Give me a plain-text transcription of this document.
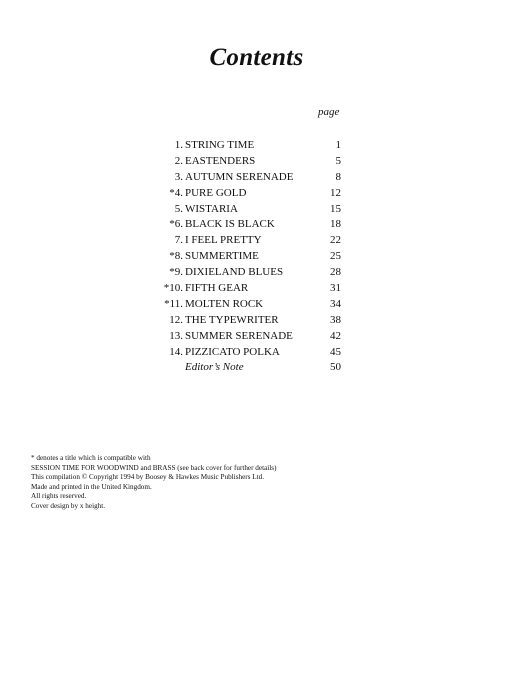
Contents
page
1. STRING TIME	1
2. EASTENDERS	5
3. AUTUMN SERENADE	8
*4. PURE GOLD	12
5. WISTARIA	15
*6. BLACK IS BLACK	18
7. I FEEL PRETTY	22
*8. SUMMERTIME	25
*9. DIXIELAND BLUES	28
*10. FIFTH GEAR	31
*11. MOLTEN ROCK	34
12. THE TYPEWRITER	38
13. SUMMER SERENADE	42
14. PIZZICATO POLKA	45
Editor’s Note	50
* denotes a title which is compatible with
SESSION TIME FOR WOODWIND and BRASS (see back cover for further details)
This compilation © Copyright 1994 by Boosey & Hawkes Music Publishers Ltd.
Made and printed in the United Kingdom.
All rights reserved.
Cover design by x height.
